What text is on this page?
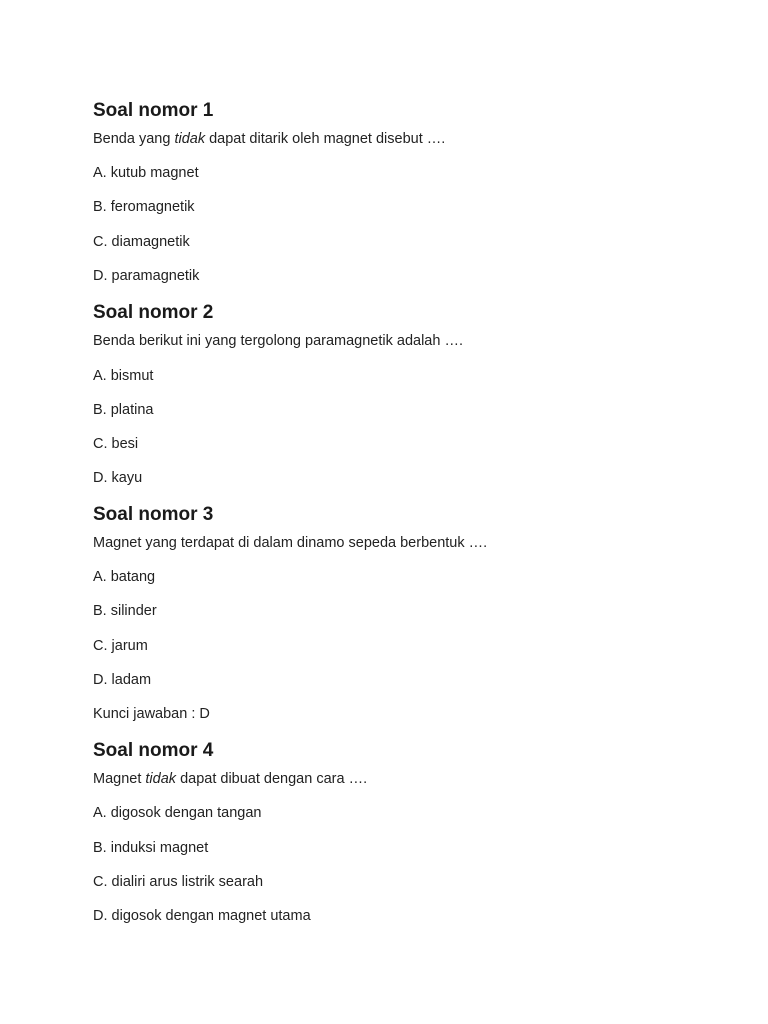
Soal nomor 1
Benda yang tidak dapat ditarik oleh magnet disebut ….
A. kutub magnet
B. feromagnetik
C. diamagnetik
D. paramagnetik
Soal nomor 2
Benda berikut ini yang tergolong paramagnetik adalah ….
A. bismut
B. platina
C. besi
D. kayu
Soal nomor 3
Magnet yang terdapat di dalam dinamo sepeda berbentuk ….
A. batang
B. silinder
C. jarum
D. ladam
Kunci jawaban : D
Soal nomor 4
Magnet tidak dapat dibuat dengan cara ….
A. digosok dengan tangan
B. induksi magnet
C. dialiri arus listrik searah
D. digosok dengan magnet utama
